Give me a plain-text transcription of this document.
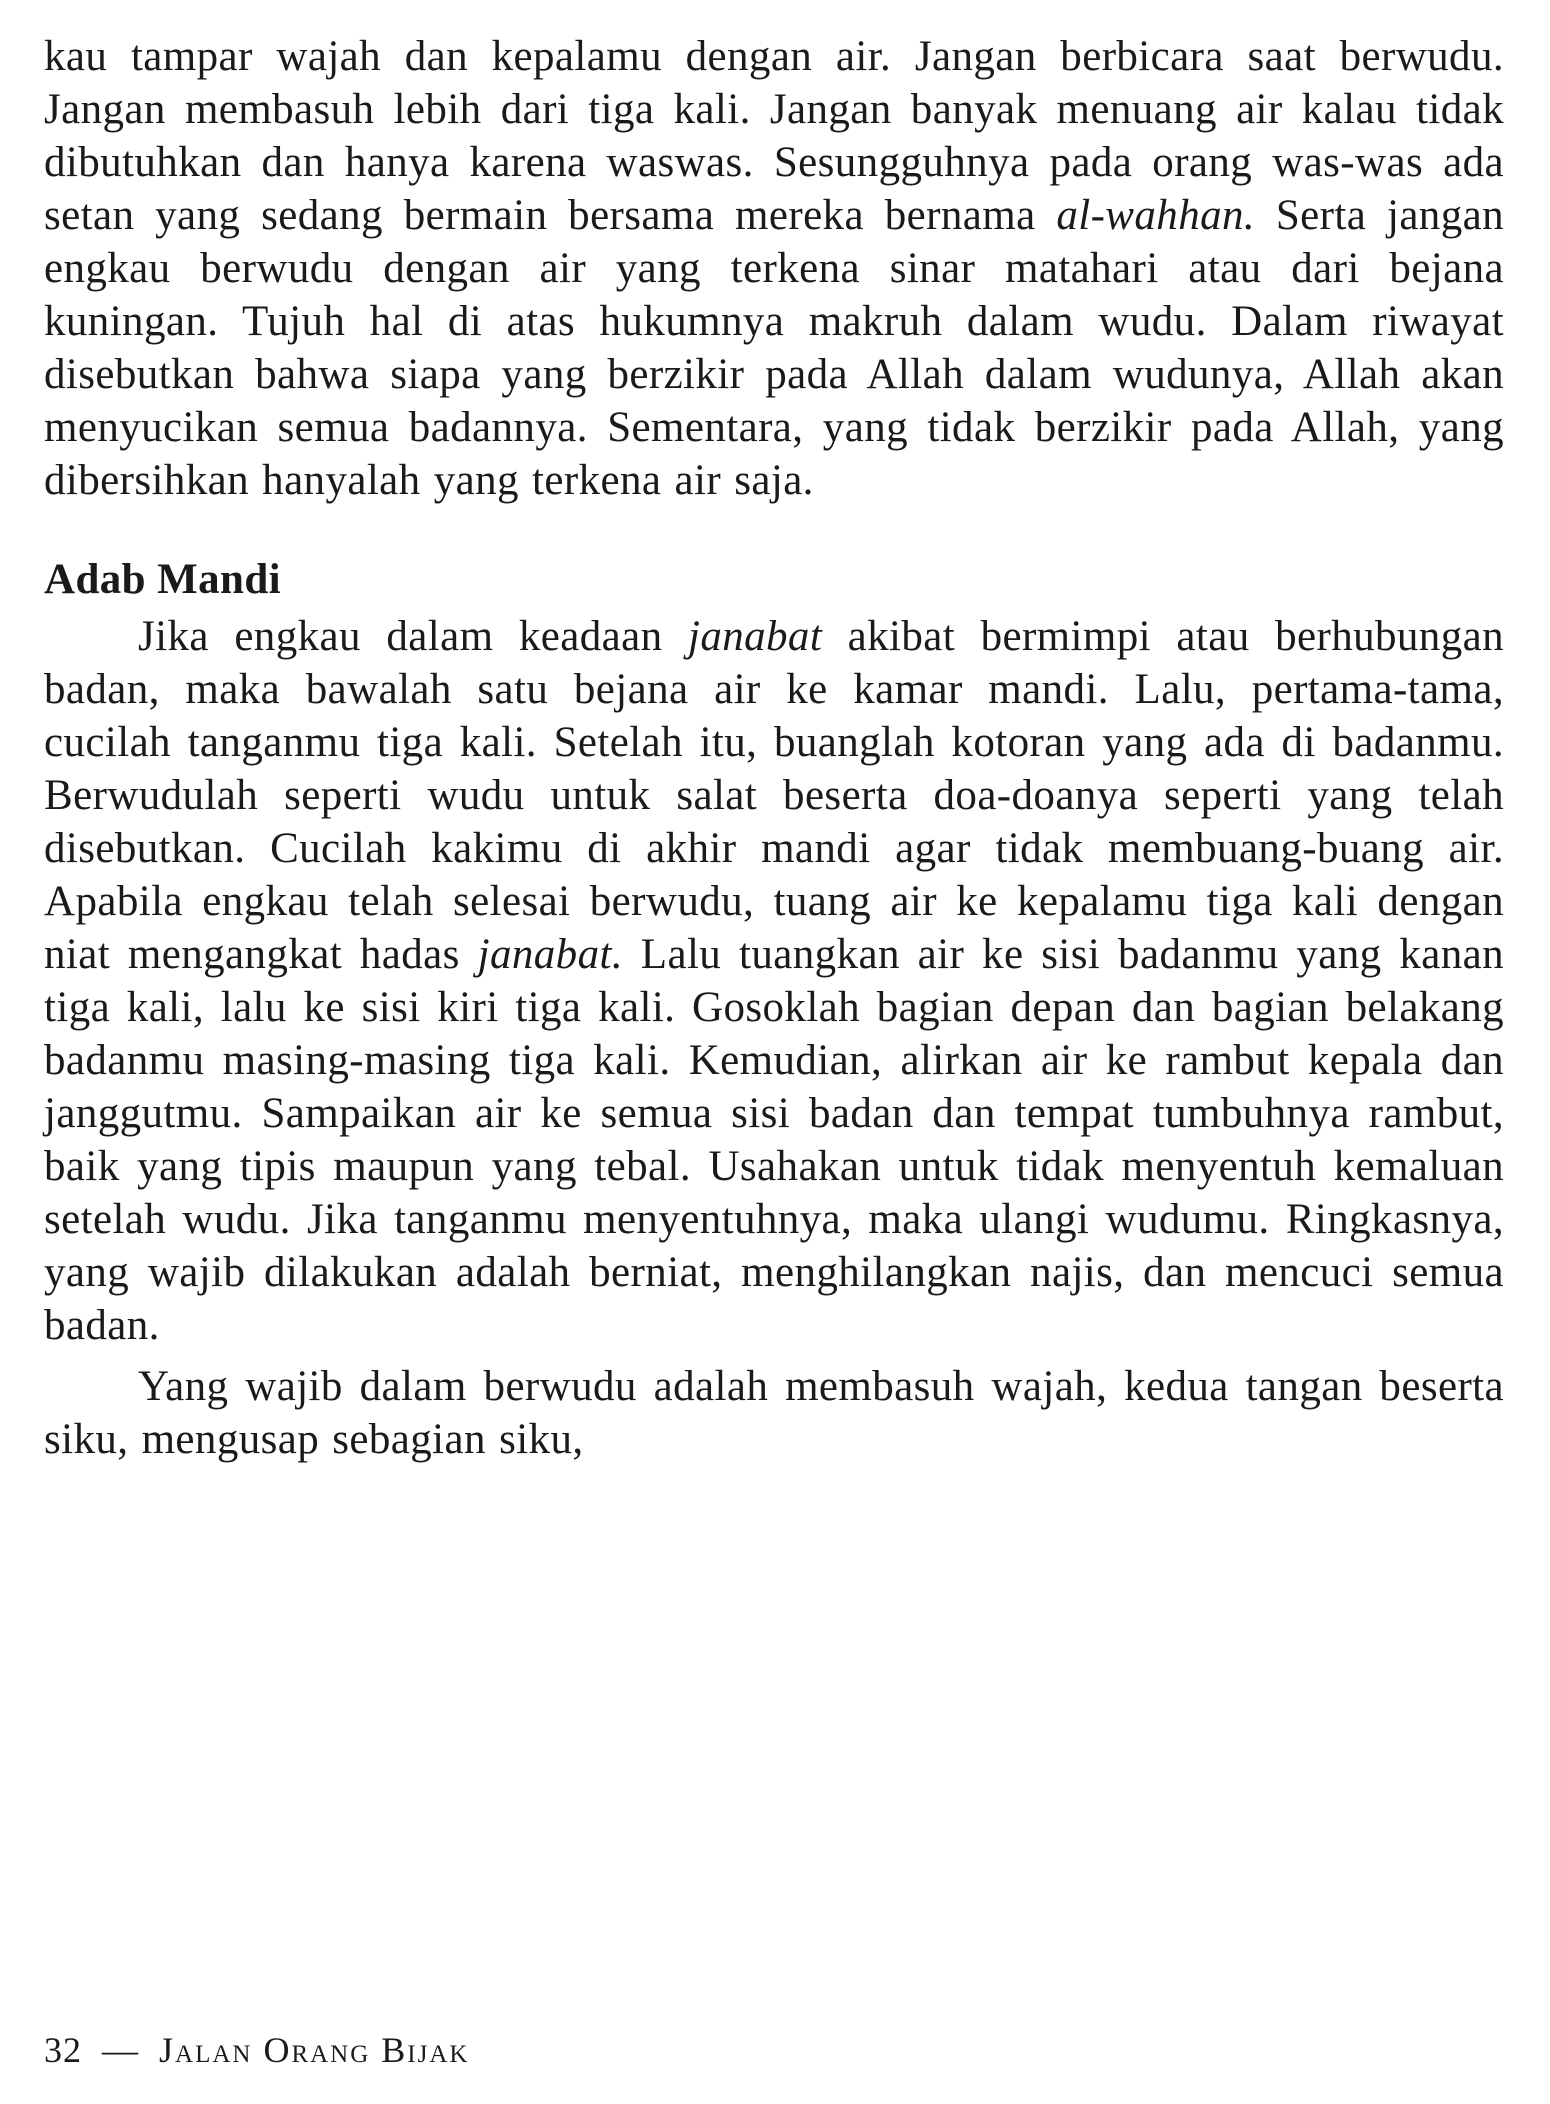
kau tampar wajah dan kepalamu dengan air. Jangan berbicara saat berwudu. Jangan membasuh lebih dari tiga kali. Jangan banyak menuang air kalau tidak dibutuhkan dan hanya karena waswas. Sesungguhnya pada orang was-was ada setan yang sedang bermain bersama mereka bernama al-wahhan. Serta jangan engkau berwudu dengan air yang terkena sinar matahari atau dari bejana kuningan. Tujuh hal di atas hukumnya makruh dalam wudu. Dalam riwayat disebutkan bahwa siapa yang berzikir pada Allah dalam wudunya, Allah akan menyucikan semua badannya. Sementara, yang tidak berzikir pada Allah, yang dibersihkan hanyalah yang terkena air saja.

Adab Mandi

Jika engkau dalam keadaan janabat akibat bermimpi atau berhubungan badan, maka bawalah satu bejana air ke kamar mandi. Lalu, pertama-tama, cucilah tanganmu tiga kali. Setelah itu, buanglah kotoran yang ada di badanmu. Berwudulah seperti wudu untuk salat beserta doa-doanya seperti yang telah disebutkan. Cucilah kakimu di akhir mandi agar tidak membuang-buang air. Apabila engkau telah selesai berwudu, tuang air ke kepalamu tiga kali dengan niat mengangkat hadas janabat. Lalu tuangkan air ke sisi badanmu yang kanan tiga kali, lalu ke sisi kiri tiga kali. Gosoklah bagian depan dan bagian belakang badanmu masing-masing tiga kali. Kemudian, alirkan air ke rambut kepala dan janggutmu. Sampaikan air ke semua sisi badan dan tempat tumbuhnya rambut, baik yang tipis maupun yang tebal. Usahakan untuk tidak menyentuh kemaluan setelah wudu. Jika tanganmu menyentuhnya, maka ulangi wudumu. Ringkasnya, yang wajib dilakukan adalah berniat, menghilangkan najis, dan mencuci semua badan.

Yang wajib dalam berwudu adalah membasuh wajah, kedua tangan beserta siku, mengusap sebagian siku,

32 — Jalan Orang Bijak
